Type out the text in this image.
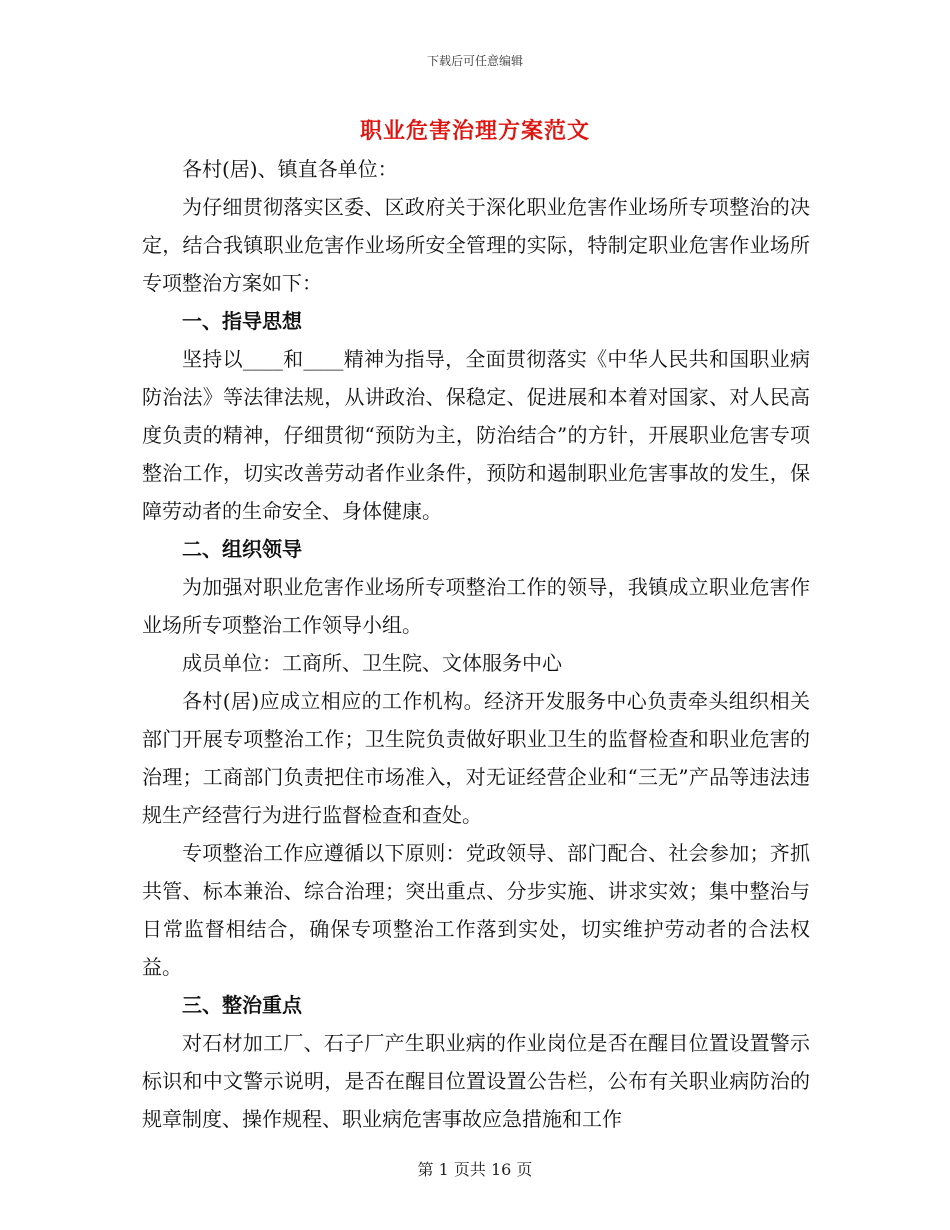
下载后可任意编辑
职业危害治理方案范文

各村(居)、镇直各单位：

为仔细贯彻落实区委、区政府关于深化职业危害作业场所专项整治的决定，结合我镇职业危害作业场所安全管理的实际，特制定职业危害作业场所专项整治方案如下：

一、指导思想

坚持以____和____精神为指导，全面贯彻落实《中华人民共和国职业病防治法》等法律法规，从讲政治、保稳定、促进展和本着对国家、对人民高度负责的精神，仔细贯彻“预防为主，防治结合”的方针，开展职业危害专项整治工作，切实改善劳动者作业条件，预防和遏制职业危害事故的发生，保障劳动者的生命安全、身体健康。

二、组织领导

为加强对职业危害作业场所专项整治工作的领导，我镇成立职业危害作业场所专项整治工作领导小组。

成员单位：工商所、卫生院、文体服务中心

各村(居)应成立相应的工作机构。经济开发服务中心负责牵头组织相关部门开展专项整治工作；卫生院负责做好职业卫生的监督检查和职业危害的治理；工商部门负责把住市场准入，对无证经营企业和“三无”产品等违法违规生产经营行为进行监督检查和查处。

专项整治工作应遵循以下原则：党政领导、部门配合、社会参加；齐抓共管、标本兼治、综合治理；突出重点、分步实施、讲求实效；集中整治与日常监督相结合，确保专项整治工作落到实处，切实维护劳动者的合法权益。

三、整治重点

对石材加工厂、石子厂产生职业病的作业岗位是否在醒目位置设置警示标识和中文警示说明，是否在醒目位置设置公告栏，公布有关职业病防治的规章制度、操作规程、职业病危害事故应急措施和工作

第 1 页共 16 页
